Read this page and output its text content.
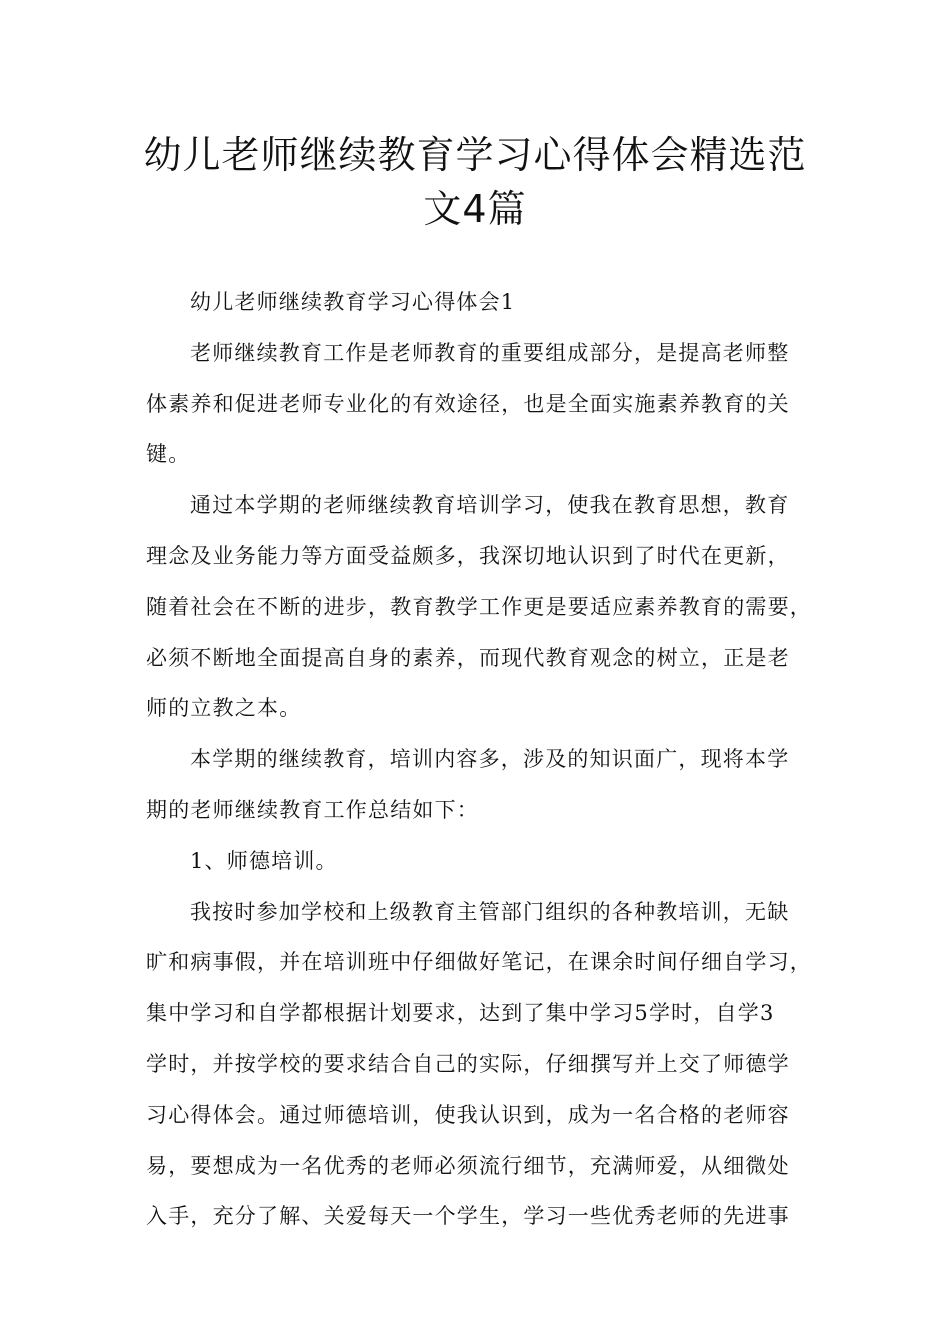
幼儿老师继续教育学习心得体会精选范
文4篇
幼儿老师继续教育学习心得体会1
老师继续教育工作是老师教育的重要组成部分，是提高老师整
体素养和促进老师专业化的有效途径，也是全面实施素养教育的关
键。
通过本学期的老师继续教育培训学习，使我在教育思想，教育
理念及业务能力等方面受益颇多，我深切地认识到了时代在更新，
随着社会在不断的进步，教育教学工作更是要适应素养教育的需要，
必须不断地全面提高自身的素养，而现代教育观念的树立，正是老
师的立教之本。
本学期的继续教育，培训内容多，涉及的知识面广，现将本学
期的老师继续教育工作总结如下：
1、师德培训。
我按时参加学校和上级教育主管部门组织的各种教培训，无缺
旷和病事假，并在培训班中仔细做好笔记，在课余时间仔细自学习，
集中学习和自学都根据计划要求，达到了集中学习5学时，自学3
学时，并按学校的要求结合自己的实际，仔细撰写并上交了师德学
习心得体会。通过师德培训，使我认识到，成为一名合格的老师容
易，要想成为一名优秀的老师必须流行细节，充满师爱，从细微处
入手，充分了解、关爱每天一个学生，学习一些优秀老师的先进事
